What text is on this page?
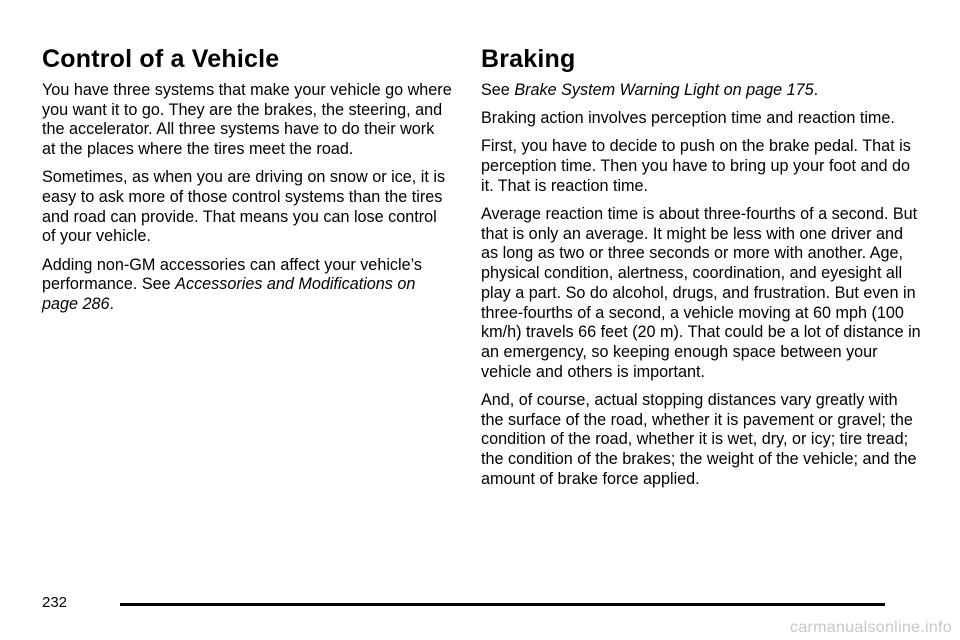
Control of a Vehicle

You have three systems that make your vehicle go where you want it to go. They are the brakes, the steering, and the accelerator. All three systems have to do their work at the places where the tires meet the road.

Sometimes, as when you are driving on snow or ice, it is easy to ask more of those control systems than the tires and road can provide. That means you can lose control of your vehicle.

Adding non-GM accessories can affect your vehicle’s performance. See Accessories and Modifications on page 286.

Braking

See Brake System Warning Light on page 175.

Braking action involves perception time and reaction time.

First, you have to decide to push on the brake pedal. That is perception time. Then you have to bring up your foot and do it. That is reaction time.

Average reaction time is about three-fourths of a second. But that is only an average. It might be less with one driver and as long as two or three seconds or more with another. Age, physical condition, alertness, coordination, and eyesight all play a part. So do alcohol, drugs, and frustration. But even in three-fourths of a second, a vehicle moving at 60 mph (100 km/h) travels 66 feet (20 m). That could be a lot of distance in an emergency, so keeping enough space between your vehicle and others is important.

And, of course, actual stopping distances vary greatly with the surface of the road, whether it is pavement or gravel; the condition of the road, whether it is wet, dry, or icy; tire tread; the condition of the brakes; the weight of the vehicle; and the amount of brake force applied.

232
carmanualsonline.info
